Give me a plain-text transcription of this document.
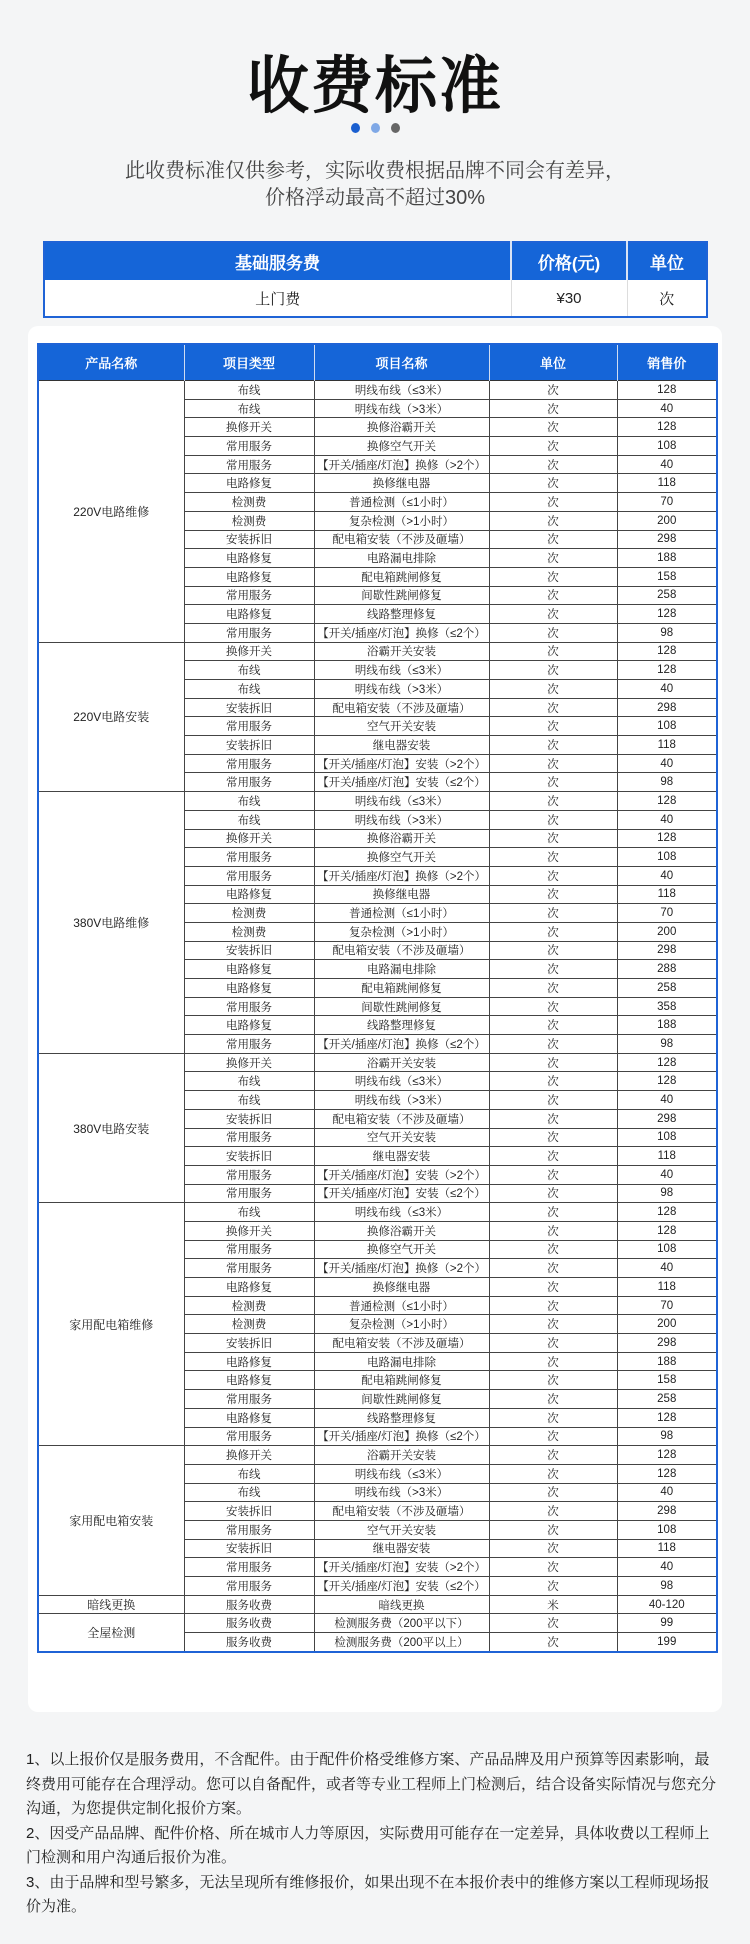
收费标准
此收费标准仅供参考，实际收费根据品牌不同会有差异，
价格浮动最高不超过30%
基础服务费	价格(元)	单位
上门费	¥30	次
产品名称	项目类型	项目名称	单位	销售价
220V电路维修	布线	明线布线（≤3米）	次	128
	布线	明线布线（>3米）	次	40
	换修开关	换修浴霸开关	次	128
	常用服务	换修空气开关	次	108
	常用服务	【开关/插座/灯泡】换修（>2个）	次	40
	电路修复	换修继电器	次	118
	检测费	普通检测（≤1小时）	次	70
	检测费	复杂检测（>1小时）	次	200
	安装拆旧	配电箱安装（不涉及砸墙）	次	298
	电路修复	电路漏电排除	次	188
	电路修复	配电箱跳闸修复	次	158
	常用服务	间歇性跳闸修复	次	258
	电路修复	线路整理修复	次	128
	常用服务	【开关/插座/灯泡】换修（≤2个）	次	98
220V电路安装	换修开关	浴霸开关安装	次	128
	布线	明线布线（≤3米）	次	128
	布线	明线布线（>3米）	次	40
	安装拆旧	配电箱安装（不涉及砸墙）	次	298
	常用服务	空气开关安装	次	108
	安装拆旧	继电器安装	次	118
	常用服务	【开关/插座/灯泡】安装（>2个）	次	40
	常用服务	【开关/插座/灯泡】安装（≤2个）	次	98
380V电路维修	布线	明线布线（≤3米）	次	128
	布线	明线布线（>3米）	次	40
	换修开关	换修浴霸开关	次	128
	常用服务	换修空气开关	次	108
	常用服务	【开关/插座/灯泡】换修（>2个）	次	40
	电路修复	换修继电器	次	118
	检测费	普通检测（≤1小时）	次	70
	检测费	复杂检测（>1小时）	次	200
	安装拆旧	配电箱安装（不涉及砸墙）	次	298
	电路修复	电路漏电排除	次	288
	电路修复	配电箱跳闸修复	次	258
	常用服务	间歇性跳闸修复	次	358
	电路修复	线路整理修复	次	188
	常用服务	【开关/插座/灯泡】换修（≤2个）	次	98
380V电路安装	换修开关	浴霸开关安装	次	128
	布线	明线布线（≤3米）	次	128
	布线	明线布线（>3米）	次	40
	安装拆旧	配电箱安装（不涉及砸墙）	次	298
	常用服务	空气开关安装	次	108
	安装拆旧	继电器安装	次	118
	常用服务	【开关/插座/灯泡】安装（>2个）	次	40
	常用服务	【开关/插座/灯泡】安装（≤2个）	次	98
家用配电箱维修	布线	明线布线（≤3米）	次	128
	换修开关	换修浴霸开关	次	128
	常用服务	换修空气开关	次	108
	常用服务	【开关/插座/灯泡】换修（>2个）	次	40
	电路修复	换修继电器	次	118
	检测费	普通检测（≤1小时）	次	70
	检测费	复杂检测（>1小时）	次	200
	安装拆旧	配电箱安装（不涉及砸墙）	次	298
	电路修复	电路漏电排除	次	188
	电路修复	配电箱跳闸修复	次	158
	常用服务	间歇性跳闸修复	次	258
	电路修复	线路整理修复	次	128
	常用服务	【开关/插座/灯泡】换修（≤2个）	次	98
家用配电箱安装	换修开关	浴霸开关安装	次	128
	布线	明线布线（≤3米）	次	128
	布线	明线布线（>3米）	次	40
	安装拆旧	配电箱安装（不涉及砸墙）	次	298
	常用服务	空气开关安装	次	108
	安装拆旧	继电器安装	次	118
	常用服务	【开关/插座/灯泡】安装（>2个）	次	40
	常用服务	【开关/插座/灯泡】安装（≤2个）	次	98
暗线更换	服务收费	暗线更换	米	40-120
全屋检测	服务收费	检测服务费（200平以下）	次	99
	服务收费	检测服务费（200平以上）	次	199
1、以上报价仅是服务费用，不含配件。由于配件价格受维修方案、产品品牌及用户预算等因素影响，最终费用可能存在合理浮动。您可以自备配件，或者等专业工程师上门检测后，结合设备实际情况与您充分沟通，为您提供定制化报价方案。
2、因受产品品牌、配件价格、所在城市人力等原因，实际费用可能存在一定差异，具体收费以工程师上门检测和用户沟通后报价为准。
3、由于品牌和型号繁多，无法呈现所有维修报价，如果出现不在本报价表中的维修方案以工程师现场报价为准。
